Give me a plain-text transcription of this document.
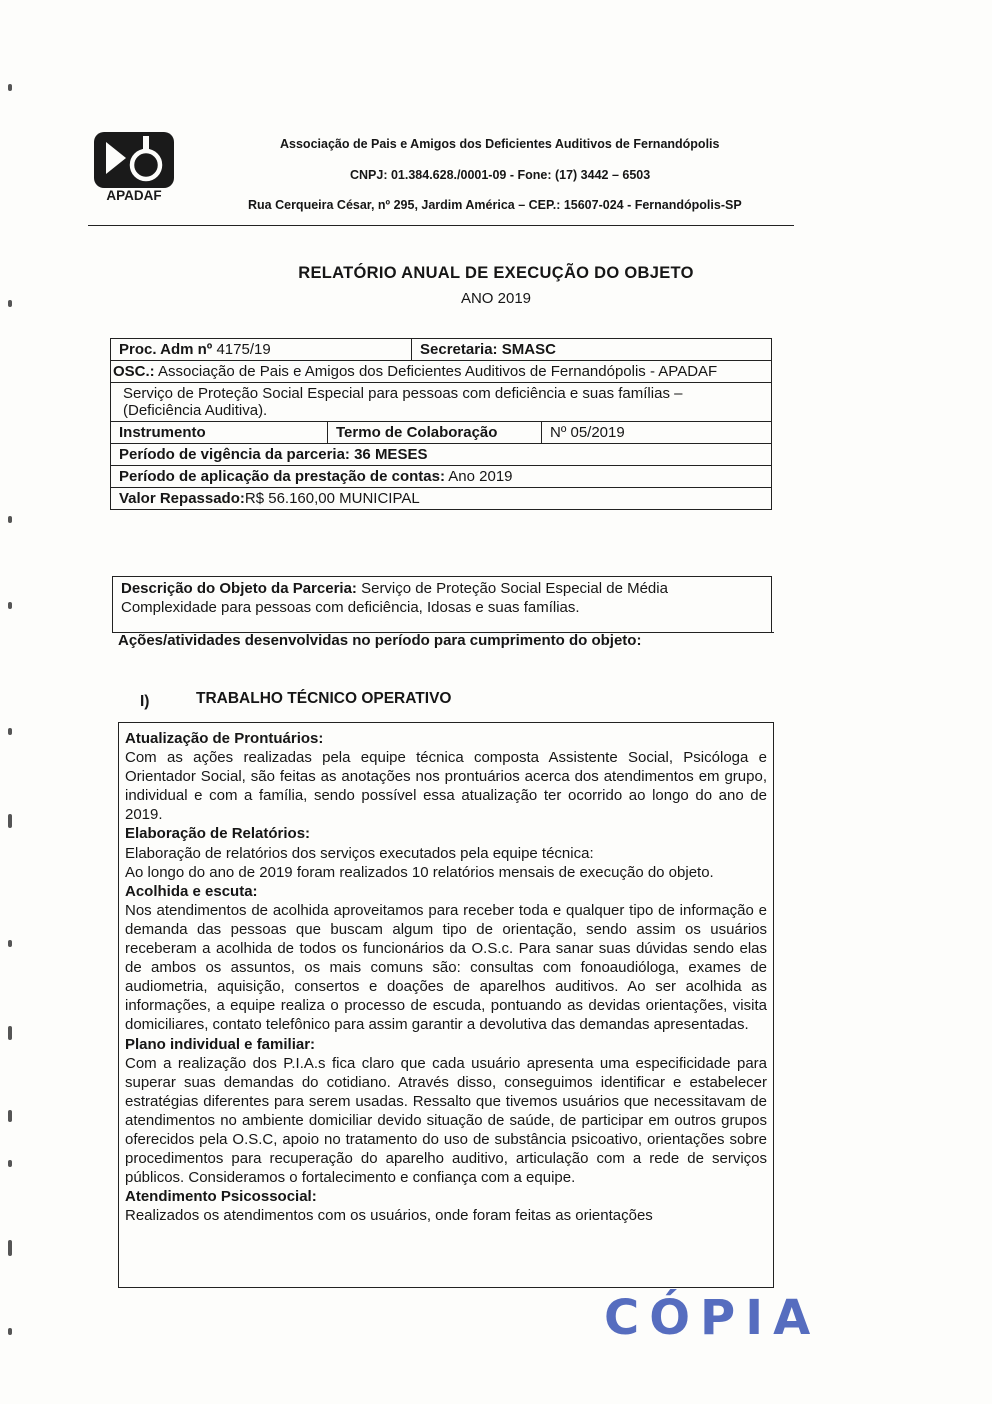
APADAF
Associação de Pais e Amigos dos Deficientes Auditivos de Fernandópolis
CNPJ: 01.384.628./0001-09 - Fone: (17) 3442 – 6503
Rua Cerqueira César, nº 295, Jardim América – CEP.: 15607-024 - Fernandópolis-SP
RELATÓRIO ANUAL DE EXECUÇÃO DO OBJETO
ANO 2019
Proc. Adm nº 4175/19	Secretaria: SMASC
OSC.: Associação de Pais e Amigos dos Deficientes Auditivos de Fernandópolis - APADAF
Serviço de Proteção Social Especial para pessoas com deficiência e suas famílias – (Deficiência Auditiva).
Instrumento	Termo de Colaboração	Nº 05/2019
Período de vigência da parceria: 36 MESES
Período de aplicação da prestação de contas: Ano 2019
Valor Repassado:R$ 56.160,00 MUNICIPAL
Descrição do Objeto da Parceria: Serviço de Proteção Social Especial de Média Complexidade para pessoas com deficiência, Idosas e suas famílias.
Ações/atividades desenvolvidas no período para cumprimento do objeto:
I)	TRABALHO TÉCNICO OPERATIVO
Atualização de Prontuários:

Com as ações realizadas pela equipe técnica composta Assistente Social, Psicóloga e Orientador Social, são feitas as anotações nos prontuários acerca dos atendimentos em grupo, individual e com a família, sendo possível essa atualização ter ocorrido ao longo do ano de 2019.

Elaboração de Relatórios:

Elaboração de relatórios dos serviços executados pela equipe técnica:

Ao longo do ano de 2019 foram realizados 10 relatórios mensais de execução do objeto.

Acolhida e escuta:

Nos atendimentos de acolhida aproveitamos para receber toda e qualquer tipo de informação e demanda das pessoas que buscam algum tipo de orientação, sendo assim os usuários receberam a acolhida de todos os funcionários da O.S.c. Para sanar suas dúvidas sendo elas de ambos os assuntos, os mais comuns são: consultas com fonoaudióloga, exames de audiometria, aquisição, consertos e doações de aparelhos auditivos. Ao ser acolhida as informações, a equipe realiza o processo de escuda, pontuando as devidas orientações, visita domiciliares, contato telefônico para assim garantir a devolutiva das demandas apresentadas.

Plano individual e familiar:

Com a realização dos P.I.A.s fica claro que cada usuário apresenta uma especificidade para superar suas demandas do cotidiano. Através disso, conseguimos identificar e estabelecer estratégias diferentes para serem usadas. Ressalto que tivemos usuários que necessitavam de atendimentos no ambiente domiciliar devido situação de saúde, de participar em outros grupos oferecidos pela O.S.C, apoio no tratamento do uso de substância psicoativo, orientações sobre procedimentos para recuperação do aparelho auditivo, articulação com a rede de serviços públicos. Consideramos o fortalecimento e confiança com a equipe.

Atendimento Psicossocial:

Realizados os atendimentos com os usuários, onde foram feitas as orientações

CÓPIA
